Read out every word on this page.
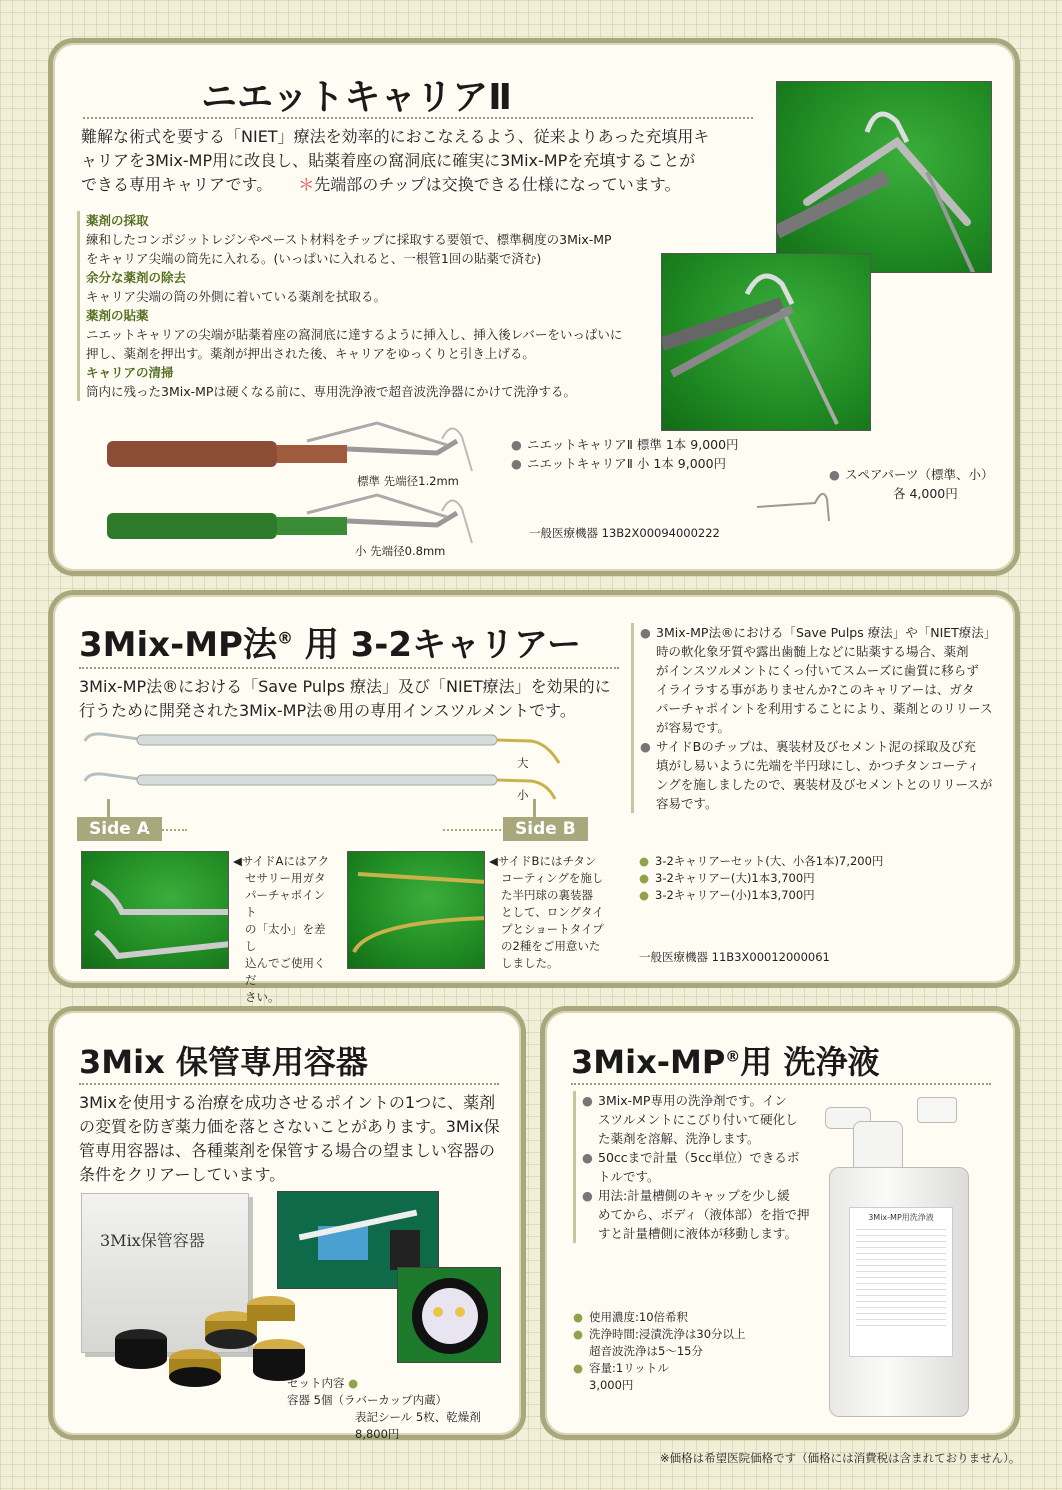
ニエットキャリアⅡ
難解な術式を要する「NIET」療法を効率的におこなえるよう、従来よりあった充填用キ
ャリアを3Mix-MP用に改良し、貼薬着座の窩洞底に確実に3Mix-MPを充填することが
できる専用キャリアです。 ＊先端部のチップは交換できる仕様になっています。
薬剤の採取
練和したコンポジットレジンやペースト材料をチップに採取する要領で、標準稠度の3Mix-MP
をキャリア尖端の筒先に入れる。(いっぱいに入れると、一根管1回の貼薬で済む)
余分な薬剤の除去
キャリア尖端の筒の外側に着いている薬剤を拭取る。
薬剤の貼薬
ニエットキャリアの尖端が貼薬着座の窩洞底に達するように挿入し、挿入後レバーをいっぱいに
押し、薬剤を押出す。薬剤が押出された後、キャリアをゆっくりと引き上げる。
キャリアの清掃
筒内に残った3Mix-MPは硬くなる前に、専用洗浄液で超音波洗浄器にかけて洗浄する。
標準 先端径1.2mm
小 先端径0.8mm
● ニエットキャリアⅡ 標準 1本 9,000円
● ニエットキャリアⅡ 小 1本 9,000円
一般医療機器 13B2X00094000222
● スペアパーツ（標準、小）
各 4,000円
3Mix-MP法® 用 3-2キャリアー
3Mix-MP法®における「Save Pulps 療法」及び「NIET療法」を効果的に
行うために開発された3Mix-MP法®用の専用インスツルメントです。
大
小
Side A	Side B
◀サイドAにはアク
セサリー用ガタ
パーチャポイント
の「太小」を差し
込んでご使用くだ
さい。
◀サイドBにはチタン
コーティングを施し
た半円球の裏装器
として、ロングタイ
プとショートタイプ
の2種をご用意いた
しました。
● 3Mix-MP法®における「Save Pulps 療法」や「NIET療法」
時の軟化象牙質や露出歯髄上などに貼薬する場合、薬剤
がインスツルメントにくっ付いてスムーズに歯質に移らず
イライラする事がありませんか?このキャリアーは、ガタ
パーチャポイントを利用することにより、薬剤とのリリース
が容易です。
● サイドBのチップは、裏装材及びセメント泥の採取及び充
填がし易いように先端を半円球にし、かつチタンコーティ
ングを施しましたので、裏装材及びセメントとのリリースが
容易です。
● 3-2キャリアーセット(大、小各1本)7,200円
● 3-2キャリアー(大)1本3,700円
● 3-2キャリアー(小)1本3,700円
一般医療機器 11B3X00012000061
3Mix 保管専用容器
3Mixを使用する治療を成功させるポイントの1つに、薬剤
の変質を防ぎ薬力価を落とさないことがあります。3Mix保
管専用容器は、各種薬剤を保管する場合の望ましい容器の
条件をクリアーしています。
3Mix保管容器
セット内容 ● 容器 5個（ラバーカップ内蔵）
表記シール 5枚、乾燥剤
8,800円
3Mix-MP®用 洗浄液
● 3Mix-MP専用の洗浄剤です。イン
スツルメントにこびり付いて硬化し
た薬剤を溶解、洗浄します。
● 50ccまで計量（5cc単位）できるボ
トルです。
● 用法:計量槽側のキャップを少し緩
めてから、ボディ（液体部）を指で押
すと計量槽側に液体が移動します。
● 使用濃度:10倍希釈
● 洗浄時間:浸漬洗浄は30分以上
超音波洗浄は5〜15分
● 容量:1リットル
3,000円
3Mix-MP用洗浄液
※価格は希望医院価格です（価格には消費税は含まれておりません）。
